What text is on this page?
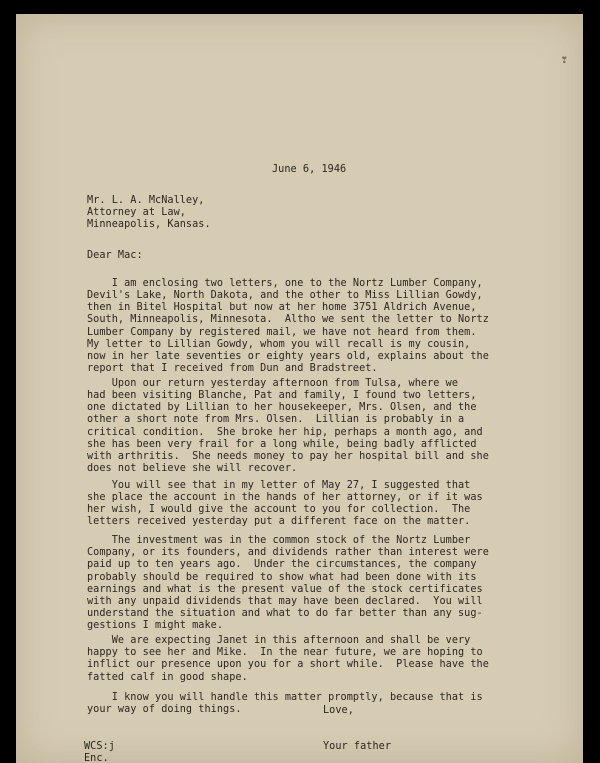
❣
June 6, 1946
Mr. L. A. McNalley,
Attorney at Law,
Minneapolis, Kansas.
Dear Mac:
I am enclosing two letters, one to the Nortz Lumber Company,
Devil's Lake, North Dakota, and the other to Miss Lillian Gowdy,
then in Bitel Hospital but now at her home 3751 Aldrich Avenue,
South, Minneapolis, Minnesota.  Altho we sent the letter to Nortz
Lumber Company by registered mail, we have not heard from them.
My letter to Lillian Gowdy, whom you will recall is my cousin,
now in her late seventies or eighty years old, explains about the
report that I received from Dun and Bradstreet.
Upon our return yesterday afternoon from Tulsa, where we
had been visiting Blanche, Pat and family, I found two letters,
one dictated by Lillian to her housekeeper, Mrs. Olsen, and the
other a short note from Mrs. Olsen.  Lillian is probably in a
critical condition.  She broke her hip, perhaps a month ago, and
she has been very frail for a long while, being badly afflicted
with arthritis.  She needs money to pay her hospital bill and she
does not believe she will recover.
You will see that in my letter of May 27, I suggested that
she place the account in the hands of her attorney, or if it was
her wish, I would give the account to you for collection.  The
letters received yesterday put a different face on the matter.
The investment was in the common stock of the Nortz Lumber
Company, or its founders, and dividends rather than interest were
paid up to ten years ago.  Under the circumstances, the company
probably should be required to show what had been done with its
earnings and what is the present value of the stock certificates
with any unpaid dividends that may have been declared.  You will
understand the situation and what to do far better than any sug-
gestions I might make.
We are expecting Janet in this afternoon and shall be very
happy to see her and Mike.  In the near future, we are hoping to
inflict our presence upon you for a short while.  Please have the
fatted calf in good shape.
I know you will handle this matter promptly, because that is
your way of doing things.	Love,
Your father
WCS:j
Enc.
